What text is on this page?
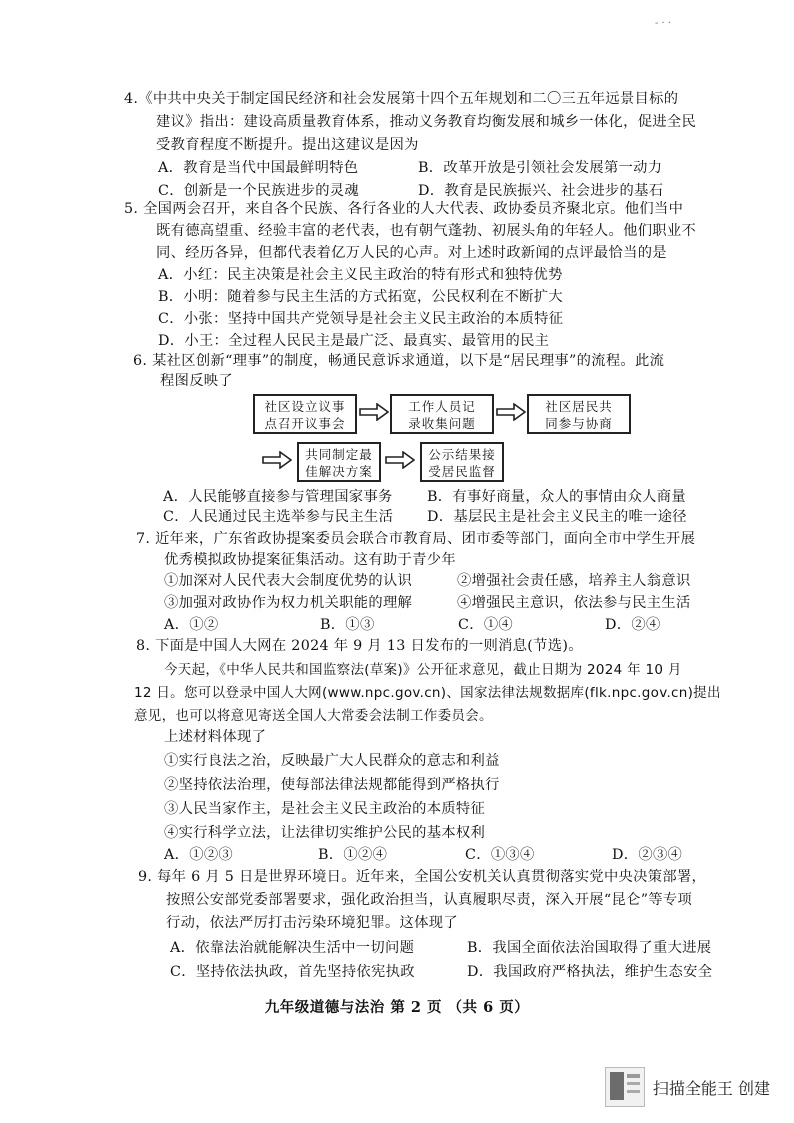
- · ·
4.《中共中央关于制定国民经济和社会发展第十四个五年规划和二〇三五年远景目标的
建议》指出：建设高质量教育体系，推动义务教育均衡发展和城乡一体化，促进全民
受教育程度不断提升。提出这建议是因为
A．教育是当代中国最鲜明特色	B．改革开放是引领社会发展第一动力
C．创新是一个民族进步的灵魂	D．教育是民族振兴、社会进步的基石
5. 全国两会召开，来自各个民族、各行各业的人大代表、政协委员齐聚北京。他们当中
既有德高望重、经验丰富的老代表，也有朝气蓬勃、初展头角的年轻人。他们职业不
同、经历各异，但都代表着亿万人民的心声。对上述时政新闻的点评最恰当的是
A．小红：民主决策是社会主义民主政治的特有形式和独特优势
B．小明：随着参与民主生活的方式拓宽，公民权利在不断扩大
C．小张：坚持中国共产党领导是社会主义民主政治的本质特征
D．小王：全过程人民民主是最广泛、最真实、最管用的民主
6. 某社区创新“理事”的制度，畅通民意诉求通道，以下是“居民理事”的流程。此流
程图反映了
社区设立议事
点召开议事会
工作人员记
录收集问题
社区居民共
同参与协商
共同制定最
佳解决方案
公示结果接
受居民监督
A．人民能够直接参与管理国家事务 B．有事好商量，众人的事情由众人商量
C．人民通过民主选举参与民主生活 D．基层民主是社会主义民主的唯一途径
7. 近年来，广东省政协提案委员会联合市教育局、团市委等部门，面向全市中学生开展
优秀模拟政协提案征集活动。这有助于青少年
①加深对人民代表大会制度优势的认识	②增强社会责任感，培养主人翁意识
③加强对政协作为权力机关职能的理解	④增强民主意识，依法参与民主生活
A．①②	B．①③	C．①④	D．②④
8. 下面是中国人大网在 2024 年 9 月 13 日发布的一则消息(节选)。
今天起，《中华人民共和国监察法(草案)》公开征求意见，截止日期为 2024 年 10 月
12 日。您可以登录中国人大网(www.npc.gov.cn)、国家法律法规数据库(flk.npc.gov.cn)提出
意见，也可以将意见寄送全国人大常委会法制工作委员会。
上述材料体现了
①实行良法之治，反映最广大人民群众的意志和利益
②坚持依法治理，使每部法律法规都能得到严格执行
③人民当家作主，是社会主义民主政治的本质特征
④实行科学立法，让法律切实维护公民的基本权利
A．①②③	B．①②④	C．①③④	D．②③④
9. 每年 6 月 5 日是世界环境日。近年来，全国公安机关认真贯彻落实党中央决策部署，
按照公安部党委部署要求，强化政治担当，认真履职尽责，深入开展“昆仑”等专项
行动，依法严厉打击污染环境犯罪。这体现了
A．依靠法治就能解决生活中一切问题	B．我国全面依法治国取得了重大进展
C．坚持依法执政，首先坚持依宪执政	D．我国政府严格执法，维护生态安全
九年级道德与法治 第 2 页 （共 6 页）
扫描全能王 创建
